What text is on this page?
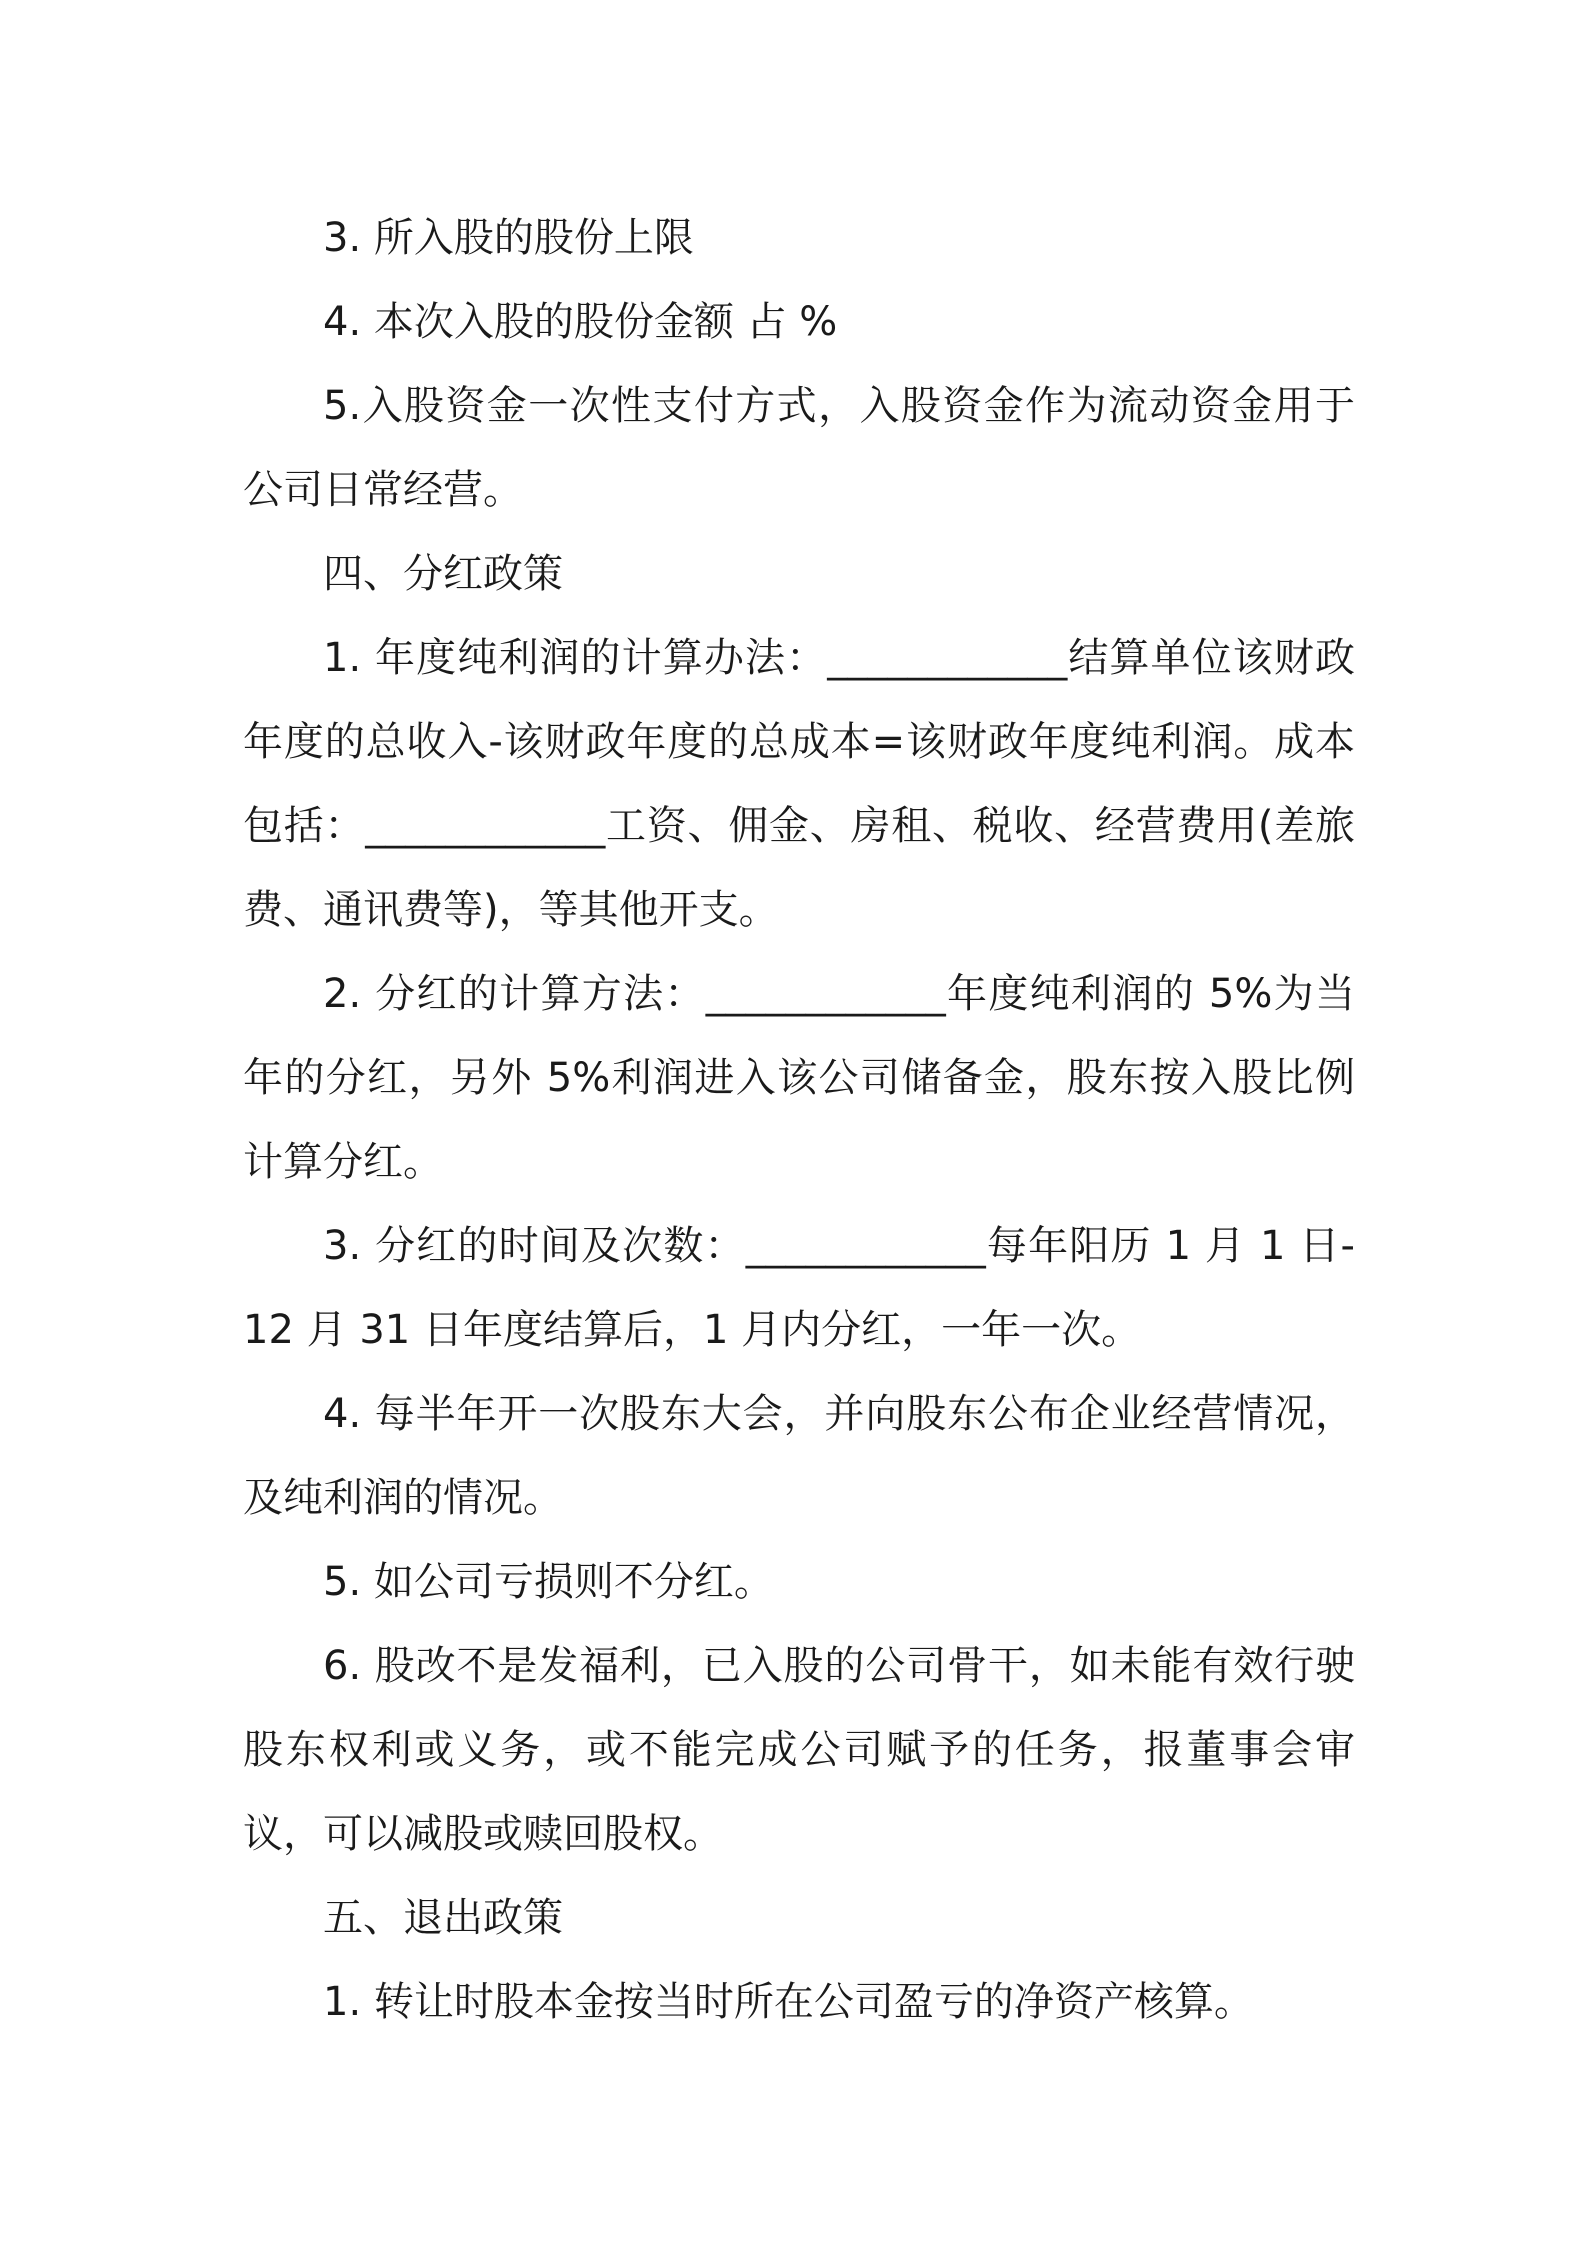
3. 所入股的股份上限

4. 本次入股的股份金额 占 %

5.入股资金一次性支付方式，入股资金作为流动资金用于公司日常经营。

四、分红政策

1. 年度纯利润的计算办法：____________结算单位该财政年度的总收入-该财政年度的总成本=该财政年度纯利润。成本包括：____________工资、佣金、房租、税收、经营费用(差旅费、通讯费等)，等其他开支。

2. 分红的计算方法：____________年度纯利润的 5%为当年的分红，另外 5%利润进入该公司储备金，股东按入股比例计算分红。

3. 分红的时间及次数：____________每年阳历 1 月 1 日-12 月 31 日年度结算后，1 月内分红，一年一次。

4. 每半年开一次股东大会，并向股东公布企业经营情况，及纯利润的情况。

5. 如公司亏损则不分红。

6. 股改不是发福利，已入股的公司骨干，如未能有效行驶股东权利或义务，或不能完成公司赋予的任务，报董事会审议，可以减股或赎回股权。

五、退出政策

1. 转让时股本金按当时所在公司盈亏的净资产核算。
